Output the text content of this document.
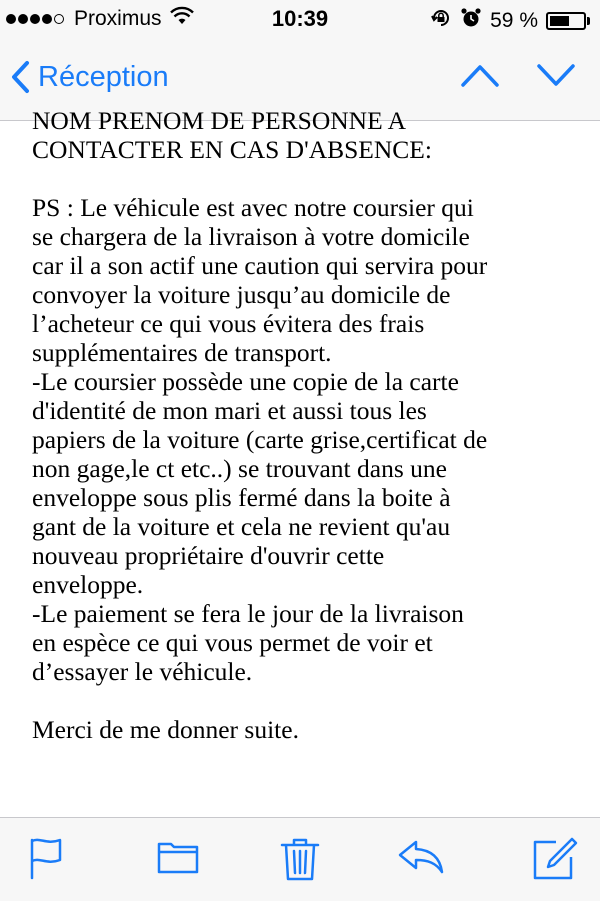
Proximus	10:39	59 %
Réception

NOM PRENOM DE PERSONNE A

CONTACTER EN CAS D'ABSENCE:

PS : Le véhicule est avec notre coursier qui

se chargera de la livraison à votre domicile

car il a son actif une caution qui servira pour

convoyer la voiture jusqu’au domicile de

l’acheteur ce qui vous évitera des frais

supplémentaires de transport.

-Le coursier possède une copie de la carte

d'identité de mon mari et aussi tous les

papiers de la voiture (carte grise,certificat de

non gage,le ct etc..) se trouvant dans une

enveloppe sous plis fermé dans la boite à

gant de la voiture et cela ne revient qu'au

nouveau propriétaire d'ouvrir cette

enveloppe.

-Le paiement se fera le jour de la livraison

en espèce ce qui vous permet de voir et

d’essayer le véhicule.

Merci de me donner suite.
